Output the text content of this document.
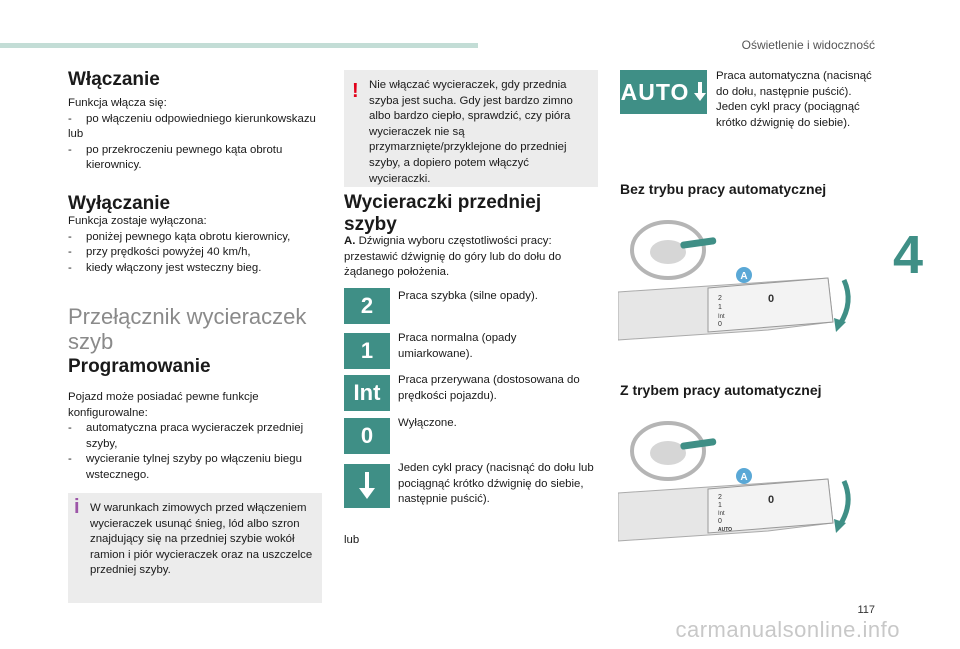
Oświetlenie i widoczność
4
Włączanie
Funkcja włącza się:
- po włączeniu odpowiedniego kierunkowskazu
lub
- po przekroczeniu pewnego kąta obrotu kierownicy.
Wyłączanie
Funkcja zostaje wyłączona:
- poniżej pewnego kąta obrotu kierownicy,
- przy prędkości powyżej 40 km/h,
- kiedy włączony jest wsteczny bieg.
Przełącznik wycieraczek szyb
Programowanie
Pojazd może posiadać pewne funkcje konfigurowalne:
- automatyczna praca wycieraczek przedniej szyby,
- wycieranie tylnej szyby po włączeniu biegu wstecznego.
i W warunkach zimowych przed włączeniem wycieraczek usunąć śnieg, lód albo szron znajdujący się na przedniej szybie wokół ramion i piór wycieraczek oraz na uszczelce przedniej szyby.
! Nie włączać wycieraczek, gdy przednia szyba jest sucha. Gdy jest bardzo zimno albo bardzo ciepło, sprawdzić, czy pióra wycieraczek nie są przymarznięte/przyklejone do przedniej szyby, a dopiero potem włączyć wycieraczki.
Wycieraczki przedniej szyby
A. Dźwignia wyboru częstotliwości pracy: przestawić dźwignię do góry lub do dołu do żądanego położenia.
2	Praca szybka (silne opady).
1	Praca normalna (opady umiarkowane).
Int	Praca przerywana (dostosowana do prędkości pojazdu).
0	Wyłączone.
Jeden cykl pracy (nacisnąć do dołu lub pociągnąć krótko dźwignię do siebie, następnie puścić).
lub
AUTO
Praca automatyczna (nacisnąć do dołu, następnie puścić).
Jeden cykl pracy (pociągnąć krótko dźwignię do siebie).
Bez trybu pracy automatycznej
A
2
1
Int
0
0
Z trybem pracy automatycznej
A
2
1
Int
0
AUTO
0
117
carmanualsonline.info
